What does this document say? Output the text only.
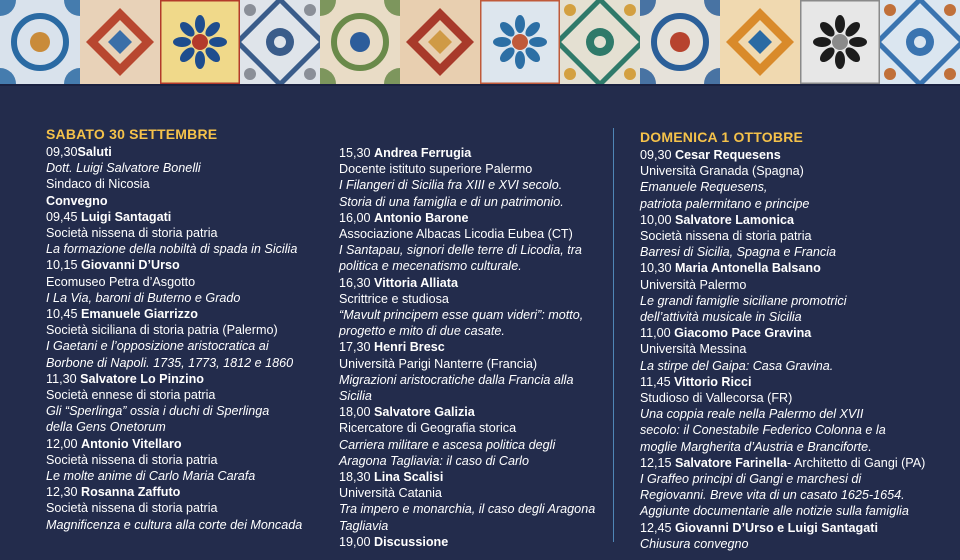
SABATO 30 SETTEMBRE
09,30Saluti
Dott. Luigi Salvatore Bonelli
Sindaco di Nicosia
Convegno
09,45 Luigi Santagati
Società nissena di storia patria
La formazione della nobiltà di spada in Sicilia
10,15 Giovanni D’Urso
Ecomuseo Petra d’Asgotto
I La Via, baroni di Buterno e Grado
10,45 Emanuele Giarrizzo
Società siciliana di storia patria (Palermo)
I Gaetani e l’opposizione aristocratica ai
Borbone di Napoli. 1735, 1773, 1812 e 1860
11,30 Salvatore Lo Pinzino
Società ennese di storia patria
Gli “Sperlinga” ossia i duchi di Sperlinga
della Gens Onetorum
12,00 Antonio Vitellaro
Società nissena di storia patria
Le molte anime di Carlo Maria Carafa
12,30 Rosanna Zaffuto
Società nissena di storia patria
Magnificenza e cultura alla corte dei Moncada
15,30 Andrea Ferrugia
Docente istituto superiore Palermo
I Filangeri di Sicilia fra XIII e XVI secolo.
Storia di una famiglia e di un patrimonio.
16,00 Antonio Barone
Associazione Albacas Licodia Eubea (CT)
I Santapau, signori delle terre di Licodia, tra
politica e mecenatismo culturale.
16,30 Vittoria Alliata
Scrittrice e studiosa
“Mavult principem esse quam videri”: motto,
progetto e mito di due casate.
17,30 Henri Bresc
Università Parigi Nanterre (Francia)
Migrazioni aristocratiche dalla Francia alla
Sicilia
18,00 Salvatore Galizia
Ricercatore di Geografia storica
Carriera militare e ascesa politica degli
Aragona Tagliavia: il caso di Carlo
18,30 Lina Scalisi
Università Catania
Tra impero e monarchia, il caso degli Aragona
Tagliavia
19,00 Discussione
DOMENICA 1 OTTOBRE
09,30 Cesar Requesens
Università Granada (Spagna)
Emanuele Requesens,
patriota palermitano e principe
10,00 Salvatore Lamonica
Società nissena di storia patria
Barresi di Sicilia, Spagna e Francia
10,30 Maria Antonella Balsano
Università Palermo
Le grandi famiglie siciliane promotrici
dell’attività musicale in Sicilia
11,00 Giacomo Pace Gravina
Università Messina
La stirpe del Gaipa: Casa Gravina.
11,45 Vittorio Ricci
Studioso di Vallecorsa (FR)
Una coppia reale nella Palermo del XVII
secolo: il Conestabile Federico Colonna e la
moglie Margherita d’Austria e Branciforte.
12,15 Salvatore Farinella- Architetto di Gangi (PA)
I Graffeo principi di Gangi e marchesi di
Regiovanni. Breve vita di un casato 1625-1654.
Aggiunte documentarie alle notizie sulla famiglia
12,45 Giovanni D’Urso e Luigi Santagati
Chiusura convegno
